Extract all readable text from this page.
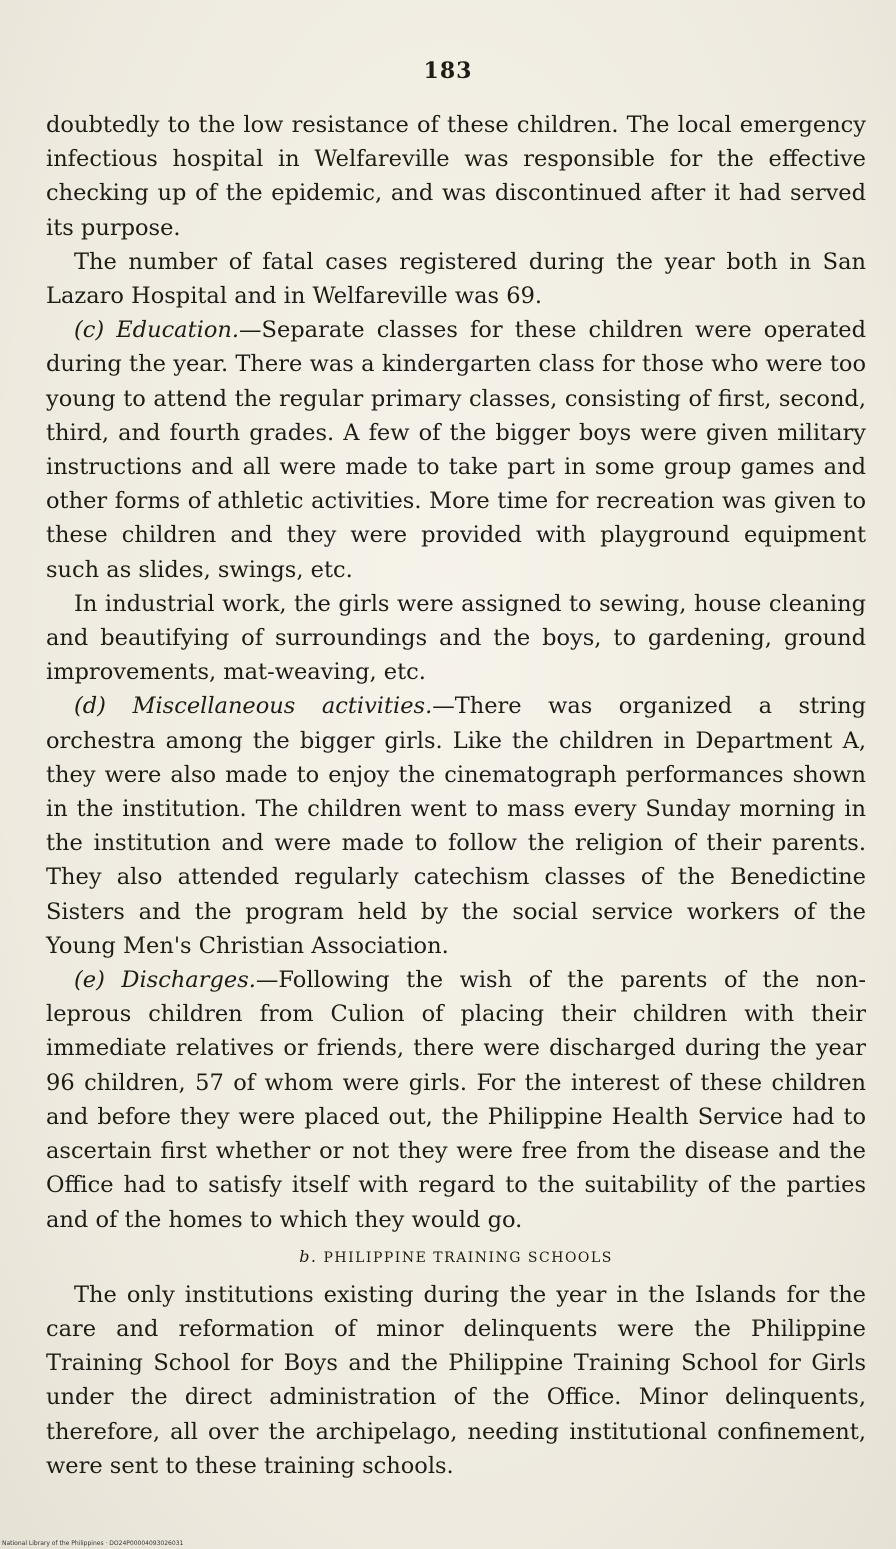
183

doubtedly to the low resistance of these children. The local emergency infectious hospital in Welfareville was responsible for the effective checking up of the epidemic, and was discontinued after it had served its purpose.

The number of fatal cases registered during the year both in San Lazaro Hospital and in Welfareville was 69.

(c) Education.—Separate classes for these children were operated during the year. There was a kindergarten class for those who were too young to attend the regular primary classes, consisting of first, second, third, and fourth grades. A few of the bigger boys were given military instructions and all were made to take part in some group games and other forms of athletic activities. More time for recreation was given to these children and they were provided with playground equipment such as slides, swings, etc.

In industrial work, the girls were assigned to sewing, house cleaning and beautifying of surroundings and the boys, to gardening, ground improvements, mat-weaving, etc.

(d) Miscellaneous activities.—There was organized a string orchestra among the bigger girls. Like the children in Department A, they were also made to enjoy the cinematograph performances shown in the institution. The children went to mass every Sunday morning in the institution and were made to follow the religion of their parents. They also attended regularly catechism classes of the Benedictine Sisters and the program held by the social service workers of the Young Men's Christian Association.

(e) Discharges.—Following the wish of the parents of the non-leprous children from Culion of placing their children with their immediate relatives or friends, there were discharged during the year 96 children, 57 of whom were girls. For the interest of these children and before they were placed out, the Philippine Health Service had to ascertain first whether or not they were free from the disease and the Office had to satisfy itself with regard to the suitability of the parties and of the homes to which they would go.

b. PHILIPPINE TRAINING SCHOOLS

The only institutions existing during the year in the Islands for the care and reformation of minor delinquents were the Philippine Training School for Boys and the Philippine Training School for Girls under the direct administration of the Office. Minor delinquents, therefore, all over the archipelago, needing institutional confinement, were sent to these training schools.

National Library of the Philippines · DO24P00004093026031
